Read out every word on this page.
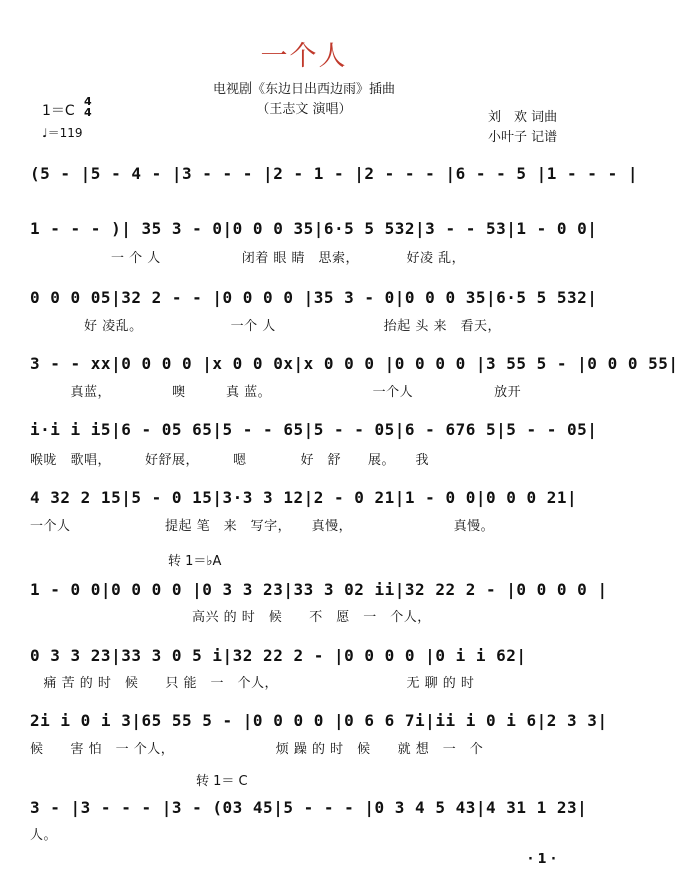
一个人
电视剧《东边日出西边雨》插曲
（王志文 演唱）
刘　欢 词曲
小叶子 记谱
1＝C
4
4
♩＝119
(5 - |5 - 4 - |3 - - - |2 - 1 - |2 - - - |6 - - 5 |1 - - - |
1 - - - )| 35 3 - 0|0 0 0 35|6·5 5 532|3 - - 53|1 - 0 0|
　　　　　　一 个 人　　　　　　闭着 眼 睛　思索，　　　　好凌 乱，
0 0 0 05|32 2 - - |0 0 0 0 |35 3 - 0|0 0 0 35|6·5 5 532|
　　　　好 凌乱。　　　　　　　一个 人　　　　　　　　抬起 头 来　看天，
3 - - xx|0 0 0 0 |x 0 0 0x|x 0 0 0 |0 0 0 0 |3 55 5 - |0 0 0 55|
　　　真蓝，　　　　　噢　　　真 蓝。　　　　　　　　一个人　　　　　　放开
i·i i i5|6 - 05 65|5 - - 65|5 - - 05|6 - 676 5|5 - - 05|
喉咙　歌唱，　　　好舒展，　　　嗯　　　　好　舒　　展。　　我
4 32 2 15|5 - 0 15|3·3 3 12|2 - 0 21|1 - 0 0|0 0 0 21|
一个人　　　　　　　提起 笔　来　写字，　　真慢，　　　　　　　　真慢。
转 1＝♭A
1 - 0 0|0 0 0 0 |0 3 3 23|33 3 02 ii|32 22 2 - |0 0 0 0 |
　　　　　　　　　　　　高兴 的 时　候　　不　愿　一　个人，
0 3 3 23|33 3 0 5 i|32 22 2 - |0 0 0 0 |0 i i 62|
　痛 苦 的 时　候　　只 能　一　个人，　　　　　　　　　　无 聊 的 时
2i i 0 i 3|65 55 5 - |0 0 0 0 |0 6 6 7i|ii i 0 i 6|2 3 3|
候　　害 怕　一 个人，　　　　　　　　烦 躁 的 时　候　　就 想　一　个
转 1＝ C
3 - |3 - - - |3 - (03 45|5 - - - |0 3 4 5 43|4 31 1 23|
人。
· 1 ·
